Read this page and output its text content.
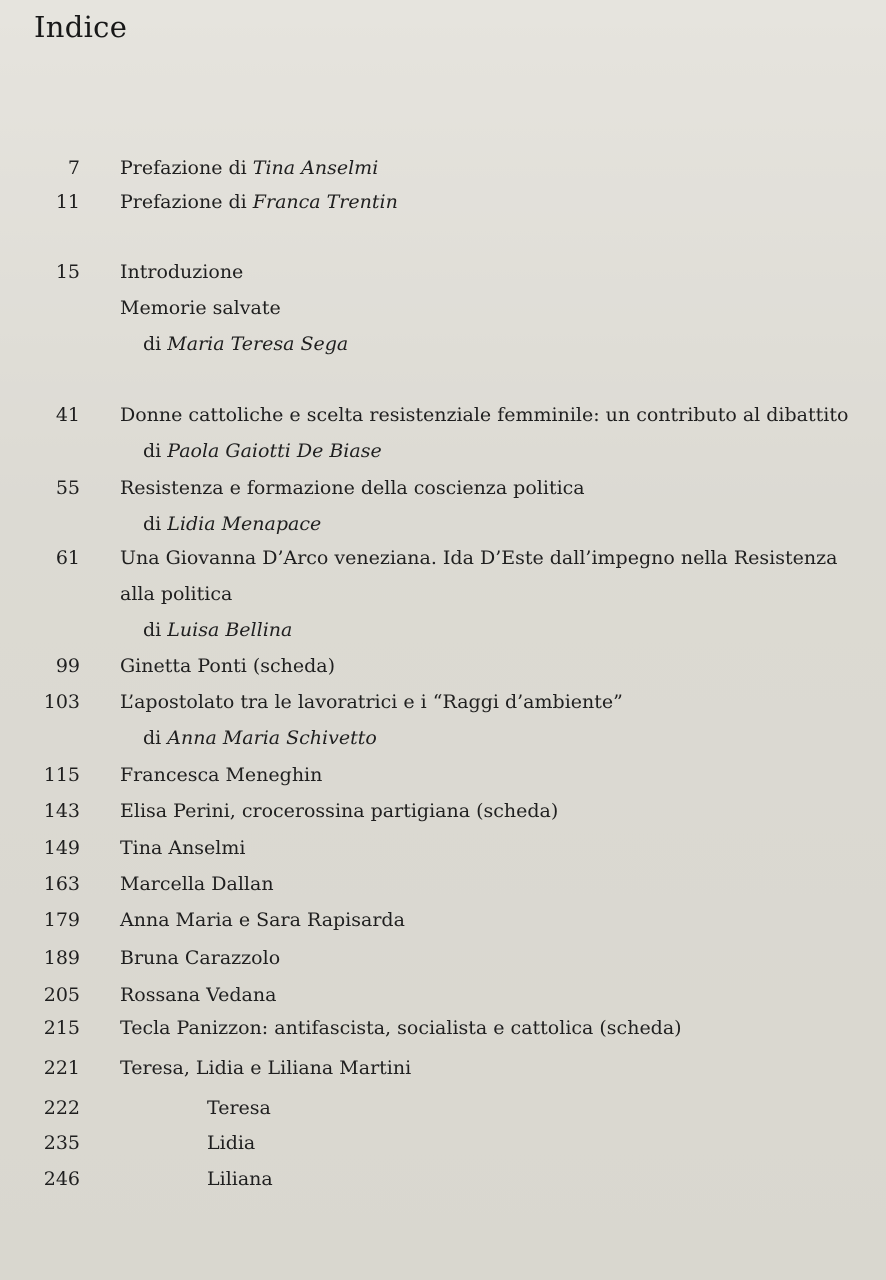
Indice
7 Prefazione di Tina Anselmi
11 Prefazione di Franca Trentin
15 Introduzione
Memorie salvate
di Maria Teresa Sega
41 Donne cattoliche e scelta resistenziale femminile: un contributo al dibattito
di Paola Gaiotti De Biase
55 Resistenza e formazione della coscienza politica
di Lidia Menapace
61 Una Giovanna D’Arco veneziana. Ida D’Este dall’impegno nella Resistenza
alla politica
di Luisa Bellina
99 Ginetta Ponti (scheda)
103 L’apostolato tra le lavoratrici e i “Raggi d’ambiente”
di Anna Maria Schivetto
115 Francesca Meneghin
143 Elisa Perini, crocerossina partigiana (scheda)
149 Tina Anselmi
163 Marcella Dallan
179 Anna Maria e Sara Rapisarda
189 Bruna Carazzolo
205 Rossana Vedana
215 Tecla Panizzon: antifascista, socialista e cattolica (scheda)
221 Teresa, Lidia e Liliana Martini
222	Teresa
235	Lidia
246	Liliana
